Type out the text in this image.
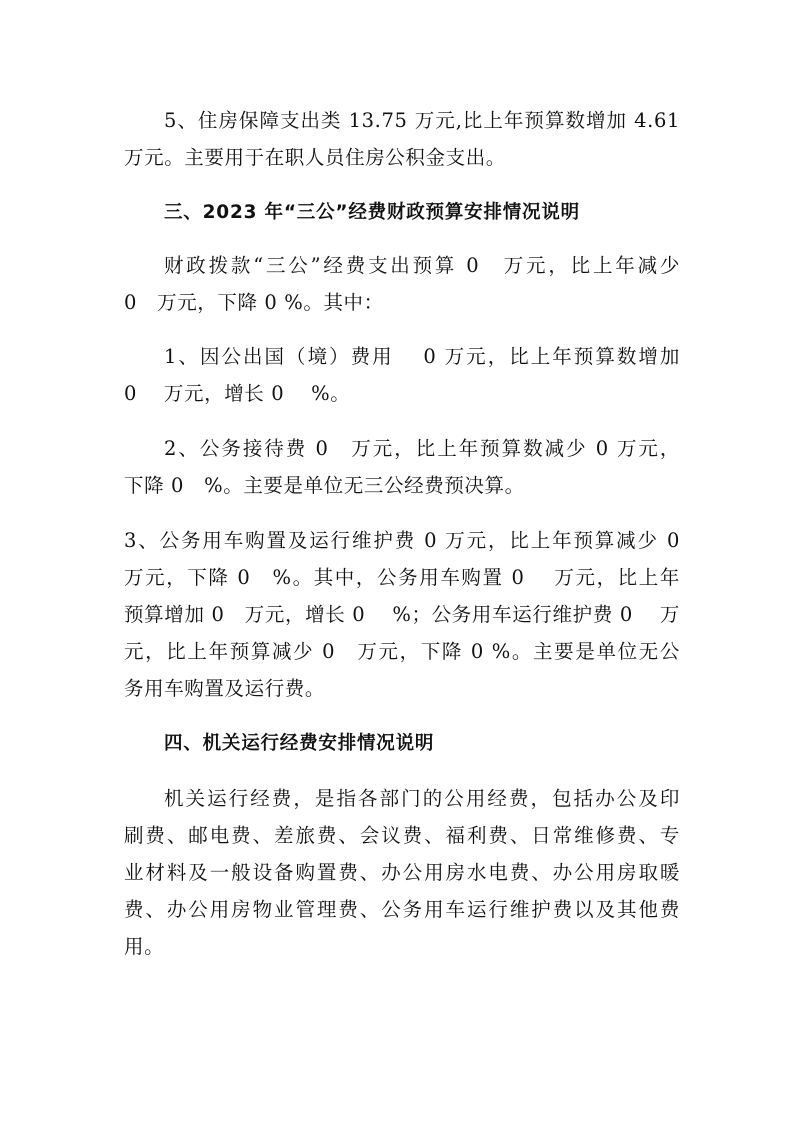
5、住房保障支出类 13.75 万元,比上年预算数增加 4.61
万元。主要用于在职人员住房公积金支出。
三、2023 年“三公”经费财政预算安排情况说明
财政拨款“三公”经费支出预算 0　万元，比上年减少
0　万元，下降 0 %。其中：
1、因公出国（境）费用　 0 万元，比上年预算数增加
0　 万元，增长 0　 %。
2、公务接待费 0　万元，比上年预算数减少 0 万元，
下降 0　%。主要是单位无三公经费预决算。
3、公务用车购置及运行维护费 0 万元，比上年预算减少 0
万元，下降 0　%。其中，公务用车购置 0　 万元，比上年
预算增加 0　万元，增长 0　 %；公务用车运行维护费 0　 万
元，比上年预算减少 0　万元，下降 0 %。主要是单位无公
务用车购置及运行费。
四、机关运行经费安排情况说明
机关运行经费，是指各部门的公用经费，包括办公及印
刷费、邮电费、差旅费、会议费、福利费、日常维修费、专
业材料及一般设备购置费、办公用房水电费、办公用房取暖
费、办公用房物业管理费、公务用车运行维护费以及其他费
用。
